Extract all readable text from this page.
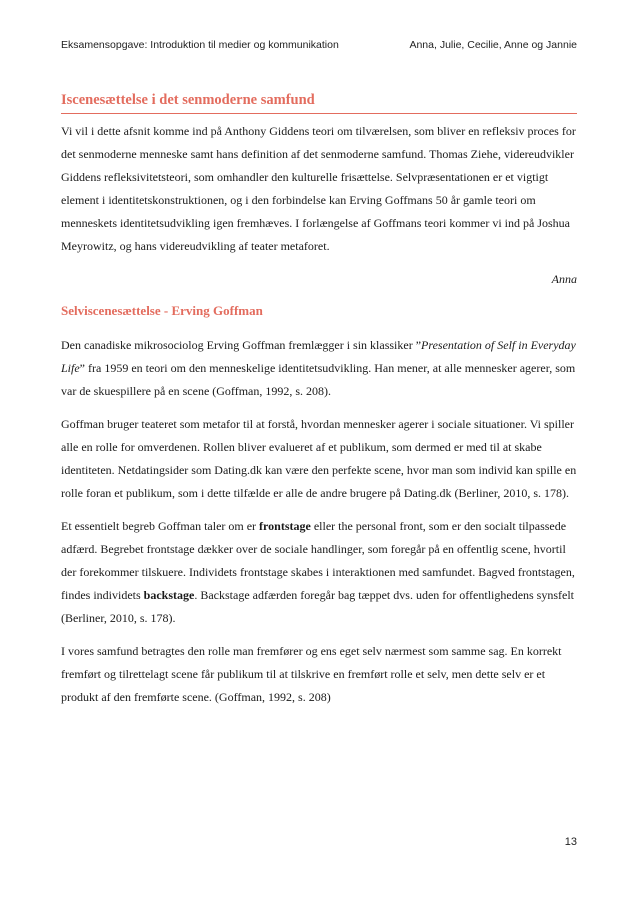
Eksamensopgave: Introduktion til medier og kommunikation	Anna, Julie, Cecilie, Anne og Jannie
Iscenesættelse i det senmoderne samfund

Vi vil i dette afsnit komme ind på Anthony Giddens teori om tilværelsen, som bliver en refleksiv proces for det senmoderne menneske samt hans definition af det senmoderne samfund. Thomas Ziehe, videreudvikler Giddens refleksivitetsteori, som omhandler den kulturelle frisættelse. Selvpræsentationen er et vigtigt element i identitetskonstruktionen, og i den forbindelse kan Erving Goffmans 50 år gamle teori om menneskets identitetsudvikling igen fremhæves. I forlængelse af Goffmans teori kommer vi ind på Joshua Meyrowitz, og hans videreudvikling af teater metaforet.

Anna

Selviscenesættelse - Erving Goffman

Den canadiske mikrosociolog Erving Goffman fremlægger i sin klassiker ”Presentation of Self in Everyday Life” fra 1959 en teori om den menneskelige identitetsudvikling. Han mener, at alle mennesker agerer, som var de skuespillere på en scene (Goffman, 1992, s. 208).

Goffman bruger teateret som metafor til at forstå, hvordan mennesker agerer i sociale situationer. Vi spiller alle en rolle for omverdenen. Rollen bliver evalueret af et publikum, som dermed er med til at skabe identiteten. Netdatingsider som Dating.dk kan være den perfekte scene, hvor man som individ kan spille en rolle foran et publikum, som i dette tilfælde er alle de andre brugere på Dating.dk (Berliner, 2010, s. 178).

Et essentielt begreb Goffman taler om er frontstage eller the personal front, som er den socialt tilpassede adfærd. Begrebet frontstage dækker over de sociale handlinger, som foregår på en offentlig scene, hvortil der forekommer tilskuere. Individets frontstage skabes i interaktionen med samfundet. Bagved frontstagen, findes individets backstage. Backstage adfærden foregår bag tæppet dvs. uden for offentlighedens synsfelt (Berliner, 2010, s. 178).

I vores samfund betragtes den rolle man fremfører og ens eget selv nærmest som samme sag. En korrekt fremført og tilrettelagt scene får publikum til at tilskrive en fremført rolle et selv, men dette selv er et produkt af den fremførte scene. (Goffman, 1992, s. 208)

13
